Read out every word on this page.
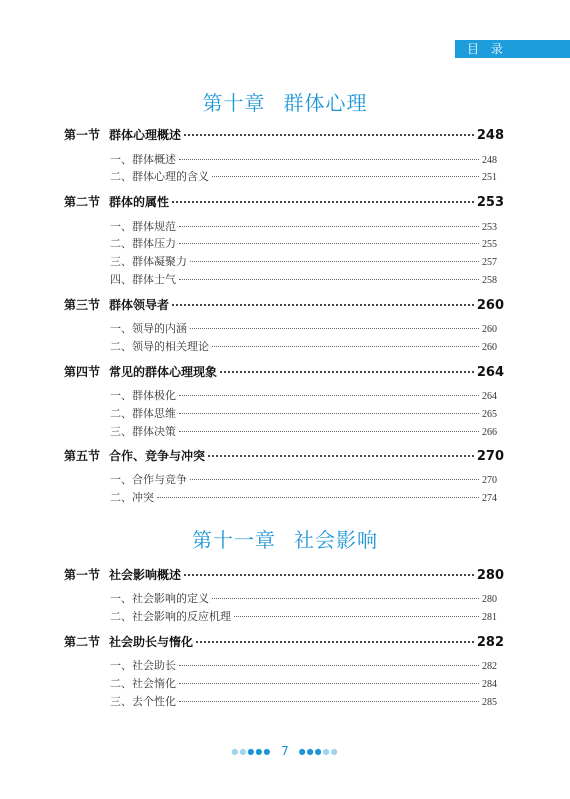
目 录
第十章 群体心理
第一节 群体心理概述	248
一、群体概述	248
二、群体心理的含义	251
第二节 群体的属性	253
一、群体规范	253
二、群体压力	255
三、群体凝聚力	257
四、群体士气	258
第三节 群体领导者	260
一、领导的内涵	260
二、领导的相关理论	260
第四节 常见的群体心理现象	264
一、群体极化	264
二、群体思维	265
三、群体决策	266
第五节 合作、竞争与冲突	270
一、合作与竞争	270
二、冲突	274
第十一章 社会影响
第一节 社会影响概述	280
一、社会影响的定义	280
二、社会影响的反应机理	281
第二节 社会助长与惰化	282
一、社会助长	282
二、社会惰化	284
三、去个性化	285
●●●●● 7 ●●●●●
